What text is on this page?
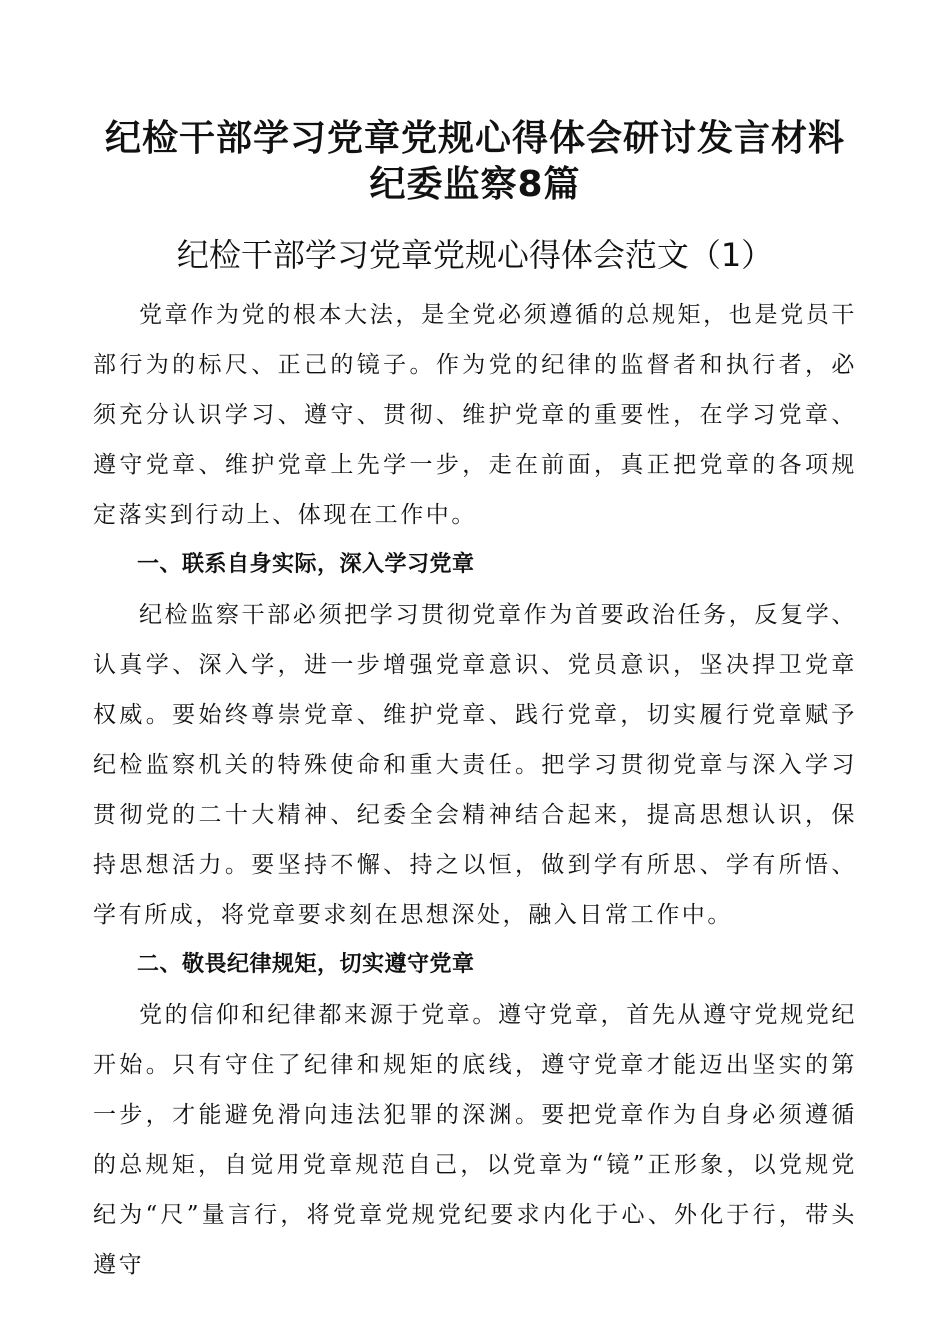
纪检干部学习党章党规心得体会研讨发言材料
纪委监察8篇
纪检干部学习党章党规心得体会范文（1）

党章作为党的根本大法，是全党必须遵循的总规矩，也是党员干部行为的标尺、正己的镜子。作为党的纪律的监督者和执行者，必须充分认识学习、遵守、贯彻、维护党章的重要性，在学习党章、遵守党章、维护党章上先学一步，走在前面，真正把党章的各项规定落实到行动上、体现在工作中。

一、联系自身实际，深入学习党章

纪检监察干部必须把学习贯彻党章作为首要政治任务，反复学、认真学、深入学，进一步增强党章意识、党员意识，坚决捍卫党章权威。要始终尊崇党章、维护党章、践行党章，切实履行党章赋予纪检监察机关的特殊使命和重大责任。把学习贯彻党章与深入学习贯彻党的二十大精神、纪委全会精神结合起来，提高思想认识，保持思想活力。要坚持不懈、持之以恒，做到学有所思、学有所悟、学有所成，将党章要求刻在思想深处，融入日常工作中。

二、敬畏纪律规矩，切实遵守党章

党的信仰和纪律都来源于党章。遵守党章，首先从遵守党规党纪开始。只有守住了纪律和规矩的底线，遵守党章才能迈出坚实的第一步，才能避免滑向违法犯罪的深渊。要把党章作为自身必须遵循的总规矩，自觉用党章规范自己，以党章为“镜”正形象，以党规党纪为“尺”量言行，将党章党规党纪要求内化于心、外化于行，带头遵守
